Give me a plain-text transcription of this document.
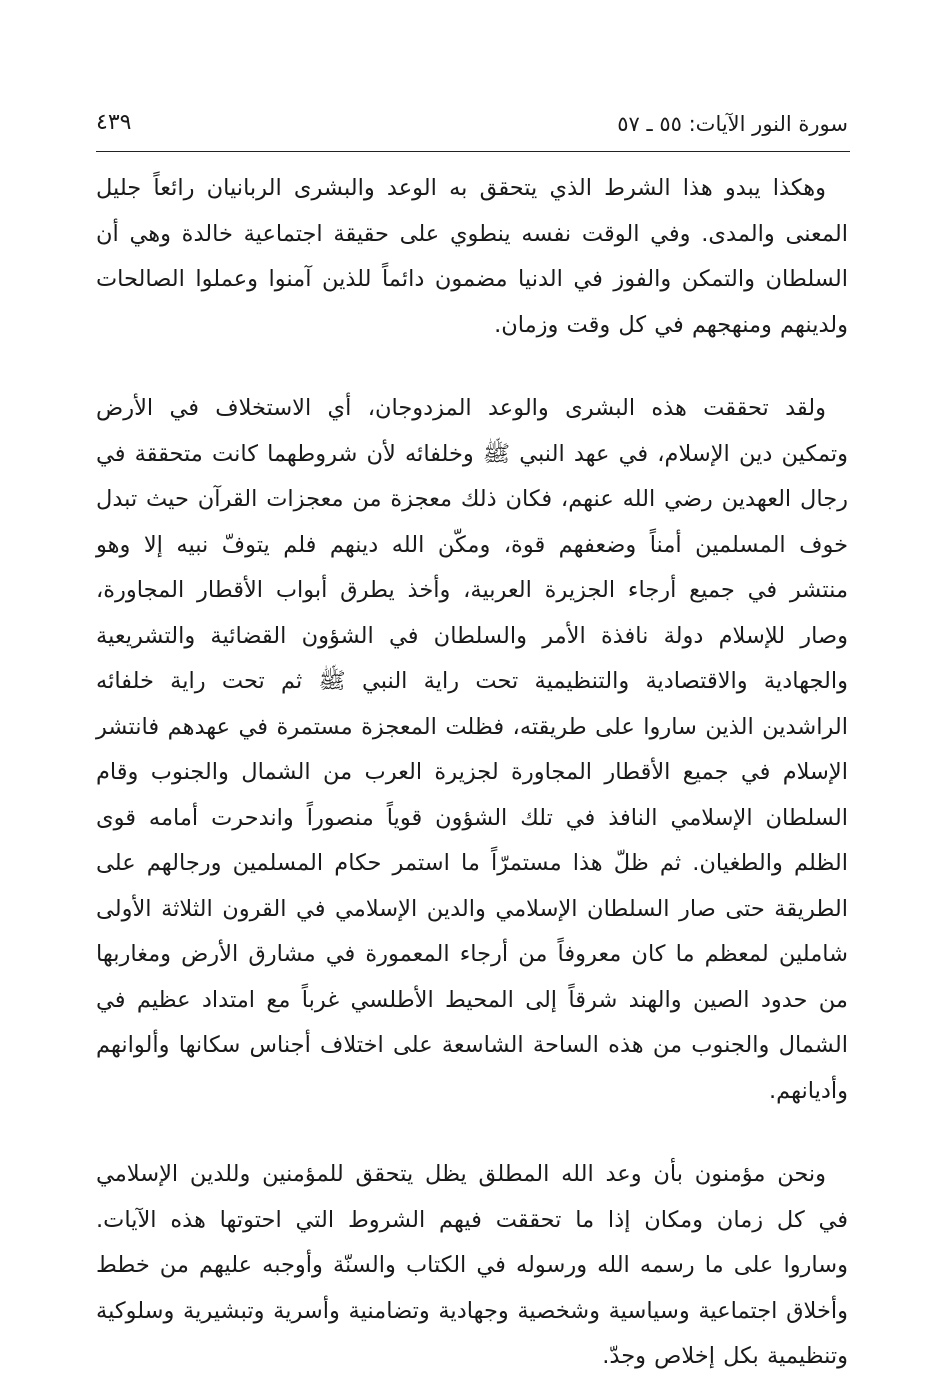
سورة النور الآيات: ٥٥ ـ ٥٧
٤٣٩

وهكذا يبدو هذا الشرط الذي يتحقق به الوعد والبشرى الربانيان رائعاً جليل المعنى والمدى. وفي الوقت نفسه ينطوي على حقيقة اجتماعية خالدة وهي أن السلطان والتمكن والفوز في الدنيا مضمون دائماً للذين آمنوا وعملوا الصالحات ولدينهم ومنهجهم في كل وقت وزمان.

ولقد تحققت هذه البشرى والوعد المزدوجان، أي الاستخلاف في الأرض وتمكين دين الإسلام، في عهد النبي ﷺ وخلفائه لأن شروطهما كانت متحققة في رجال العهدين رضي الله عنهم، فكان ذلك معجزة من معجزات القرآن حيث تبدل خوف المسلمين أمناً وضعفهم قوة، ومكّن الله دينهم فلم يتوفّ نبيه إلا وهو منتشر في جميع أرجاء الجزيرة العربية، وأخذ يطرق أبواب الأقطار المجاورة، وصار للإسلام دولة نافذة الأمر والسلطان في الشؤون القضائية والتشريعية والجهادية والاقتصادية والتنظيمية تحت راية النبي ﷺ ثم تحت راية خلفائه الراشدين الذين ساروا على طريقته، فظلت المعجزة مستمرة في عهدهم فانتشر الإسلام في جميع الأقطار المجاورة لجزيرة العرب من الشمال والجنوب وقام السلطان الإسلامي النافذ في تلك الشؤون قوياً منصوراً واندحرت أمامه قوى الظلم والطغيان. ثم ظلّ هذا مستمرّاً ما استمر حكام المسلمين ورجالهم على الطريقة حتى صار السلطان الإسلامي والدين الإسلامي في القرون الثلاثة الأولى شاملين لمعظم ما كان معروفاً من أرجاء المعمورة في مشارق الأرض ومغاربها من حدود الصين والهند شرقاً إلى المحيط الأطلسي غرباً مع امتداد عظيم في الشمال والجنوب من هذه الساحة الشاسعة على اختلاف أجناس سكانها وألوانهم وأديانهم.

ونحن مؤمنون بأن وعد الله المطلق يظل يتحقق للمؤمنين وللدين الإسلامي في كل زمان ومكان إذا ما تحققت فيهم الشروط التي احتوتها هذه الآيات. وساروا على ما رسمه الله ورسوله في الكتاب والسنّة وأوجبه عليهم من خطط وأخلاق اجتماعية وسياسية وشخصية وجهادية وتضامنية وأسرية وتبشيرية وسلوكية وتنظيمية بكل إخلاص وجدّ.
